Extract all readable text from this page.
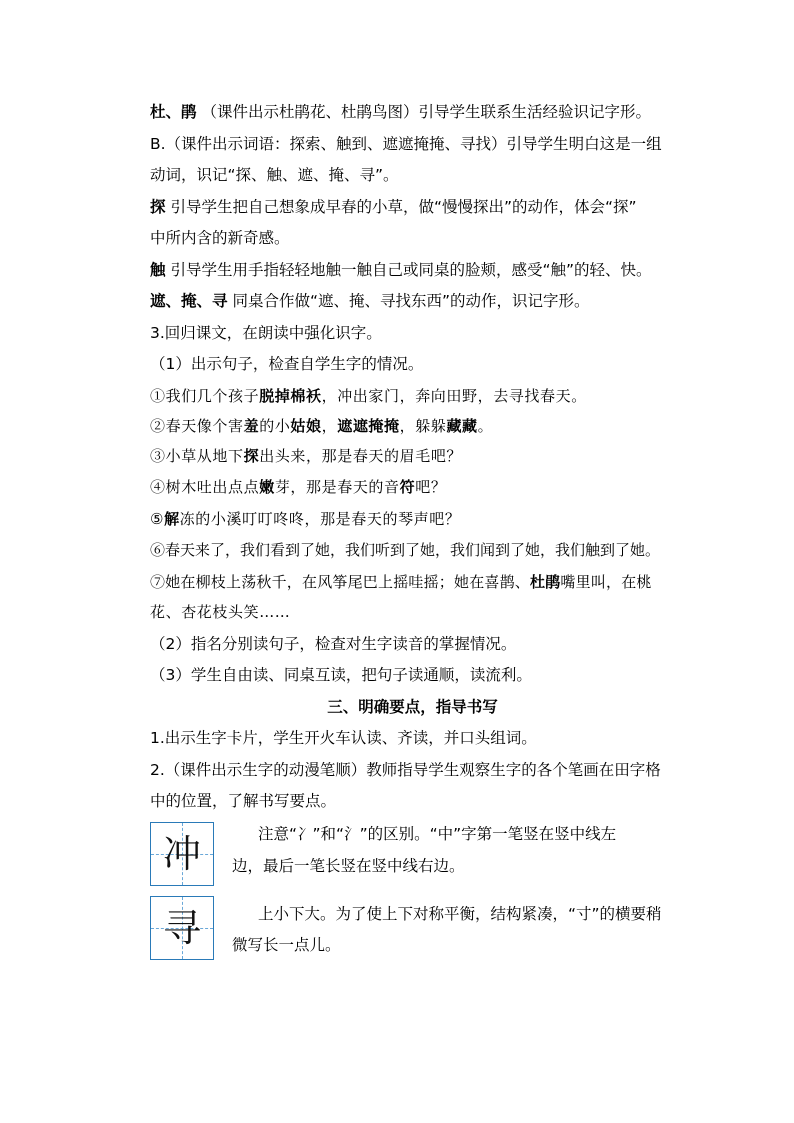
杜、鹃 （课件出示杜鹃花、杜鹃鸟图）引导学生联系生活经验识记字形。
B.（课件出示词语：探索、触到、遮遮掩掩、寻找）引导学生明白这是一组
动词，识记“探、触、遮、掩、寻”。
探 引导学生把自己想象成早春的小草，做“慢慢探出”的动作，体会“探”
中所内含的新奇感。
触 引导学生用手指轻轻地触一触自己或同桌的脸颊，感受“触”的轻、快。
遮、掩、寻 同桌合作做“遮、掩、寻找东西”的动作，识记字形。
3.回归课文，在朗读中强化识字。
（1）出示句子，检查自学生字的情况。
①我们几个孩子脱掉棉袄，冲出家门，奔向田野，去寻找春天。
②春天像个害羞的小姑娘，遮遮掩掩，躲躲藏藏。
③小草从地下探出头来，那是春天的眉毛吧？
④树木吐出点点嫩芽，那是春天的音符吧？
⑤解冻的小溪叮叮咚咚，那是春天的琴声吧？
⑥春天来了，我们看到了她，我们听到了她，我们闻到了她，我们触到了她。
⑦她在柳枝上荡秋千，在风筝尾巴上摇哇摇；她在喜鹊、杜鹃嘴里叫，在桃
花、杏花枝头笑……
（2）指名分别读句子，检查对生字读音的掌握情况。
（3）学生自由读、同桌互读，把句子读通顺，读流利。
三、明确要点，指导书写
1.出示生字卡片，学生开火车认读、齐读，并口头组词。
2.（课件出示生字的动漫笔顺）教师指导学生观察生字的各个笔画在田字格
中的位置，了解书写要点。
冲	注意“冫”和“氵”的区别。“中”字第一笔竖在竖中线左
边，最后一笔长竖在竖中线右边。
寻	上小下大。为了使上下对称平衡，结构紧凑，“寸”的横要稍
微写长一点儿。
